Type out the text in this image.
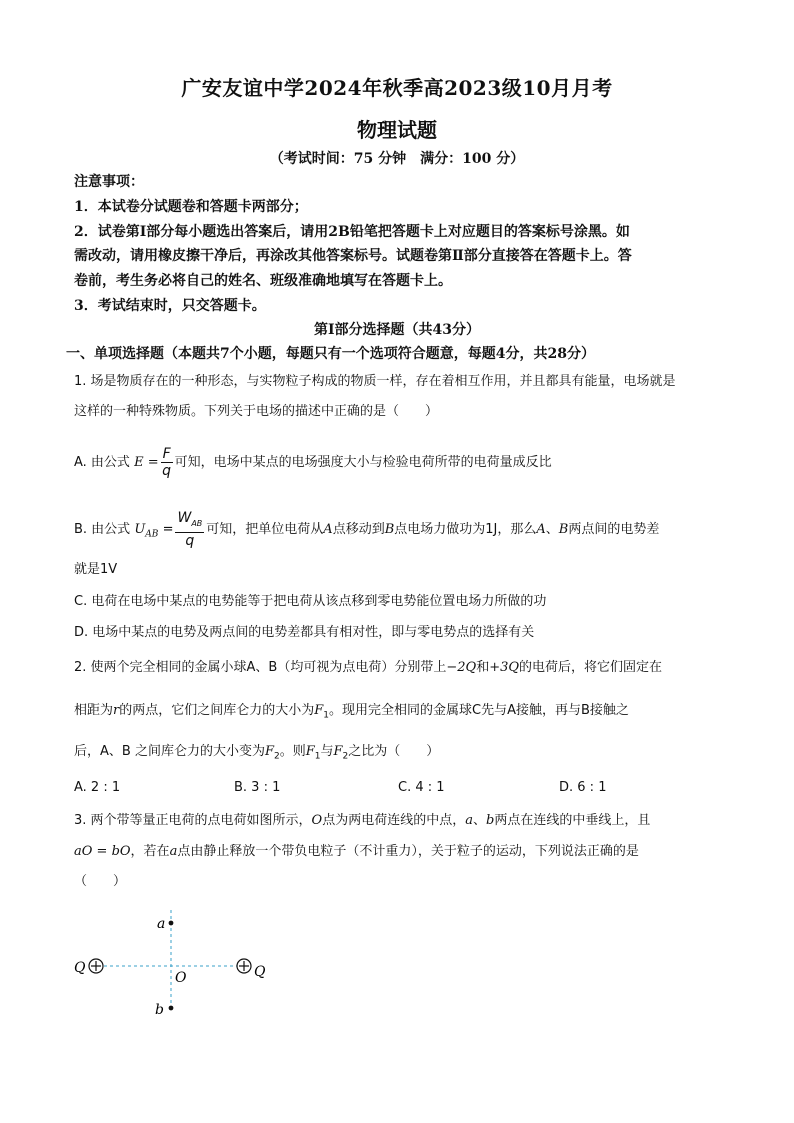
广安友谊中学2024年秋季高2023级10月月考
物理试题
（考试时间：75 分钟　满分：100 分）
注意事项：
1．本试卷分试题卷和答题卡两部分；
2．试卷第Ⅰ部分每小题选出答案后，请用2B铅笔把答题卡上对应题目的答案标号涂黑。如
需改动，请用橡皮擦干净后，再涂改其他答案标号。试题卷第Ⅱ部分直接答在答题卡上。答
卷前，考生务必将自己的姓名、班级准确地填写在答题卡上。
3．考试结束时，只交答题卡。
第Ⅰ部分选择题（共43分）
一、单项选择题（本题共7个小题，每题只有一个选项符合题意，每题4分，共28分）
1. 场是物质存在的一种形态，与实物粒子构成的物质一样，存在着相互作用，并且都具有能量，电场就是
这样的一种特殊物质。下列关于电场的描述中正确的是（　　）
A. 由公式 $E = \frac{F}{q}$ 可知，电场中某点的电场强度大小与检验电荷所带的电荷量成反比
B. 由公式 $U_{AB} = \frac{W_{AB}}{q}$ 可知，把单位电荷从A点移动到B点电场力做功为1J，那么A、B两点间的电势差
就是1V
C. 电荷在电场中某点的电势能等于把电荷从该点移到零电势能位置电场力所做的功
D. 电场中某点的电势及两点间的电势差都具有相对性，即与零电势点的选择有关
2. 使两个完全相同的金属小球A、B（均可视为点电荷）分别带上−2Q和+3Q的电荷后，将它们固定在
相距为r的两点，它们之间库仑力的大小为$F_1$。现用完全相同的金属球C先与A接触，再与B接触之
后，A、B 之间库仑力的大小变为$F_2$。则$F_1$与$F_2$之比为（　　）
A. 2 : 1	B. 3 : 1	C. 4 : 1	D. 6 : 1
3. 两个带等量正电荷的点电荷如图所示，O点为两电荷连线的中点，a、b两点在连线的中垂线上，且
aO = bO，若在a点由静止释放一个带负电粒子（不计重力），关于粒子的运动，下列说法正确的是
（　　）
a
b
O
Q	Q
